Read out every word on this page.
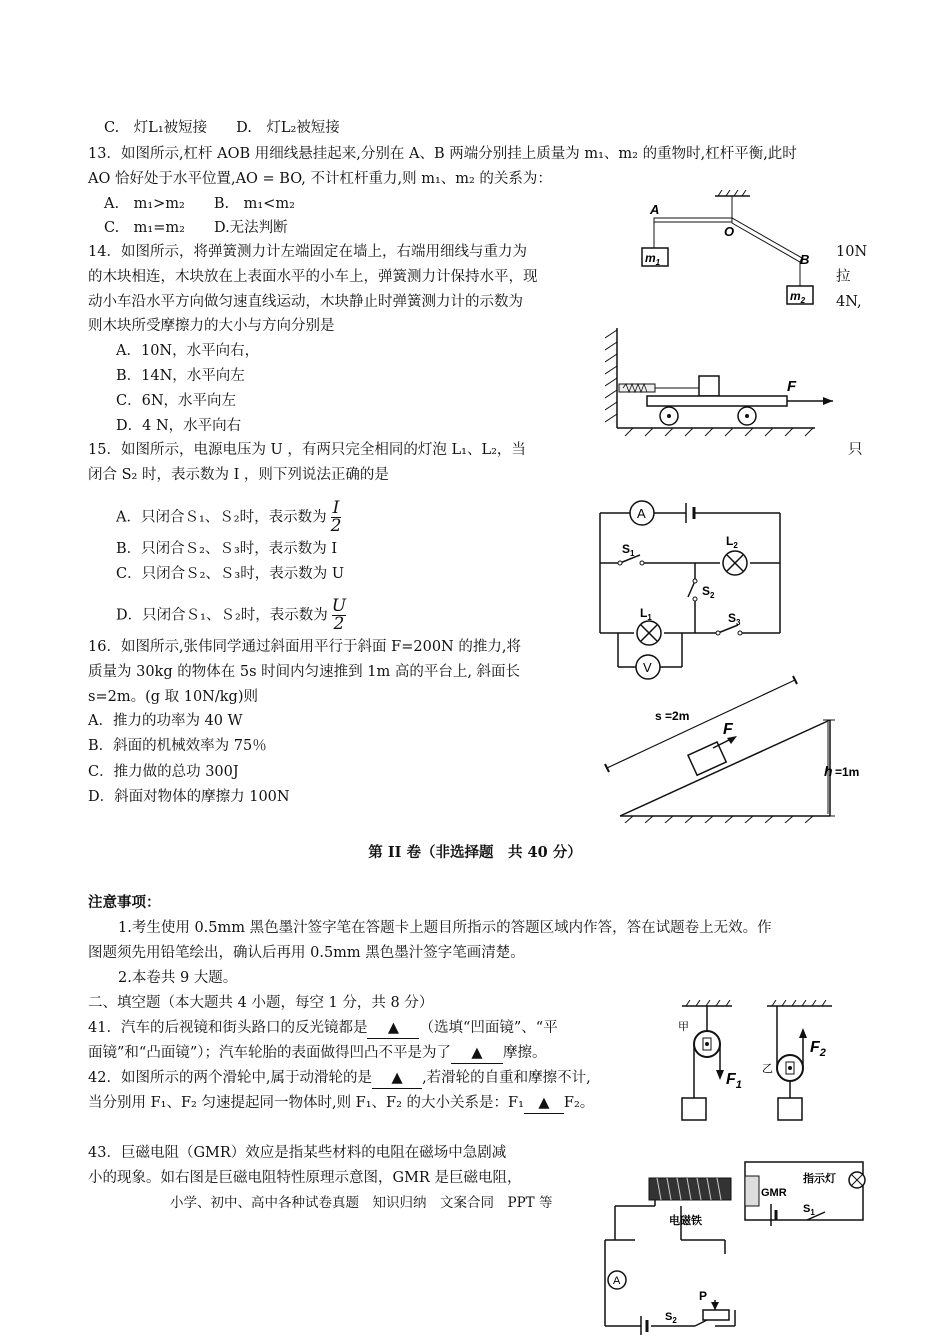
C.　灯L₁被短接　　D.　灯L₂被短接
13．如图所示,杠杆 AOB 用细线悬挂起来,分别在 A、B 两端分别挂上质量为 m₁、m₂ 的重物时,杠杆平衡,此时
AO 恰好处于水平位置,AO = BO, 不计杠杆重力,则 m₁、m₂ 的关系为：
A.　m₁>m₂　　B.　m₁<m₂
C.　m₁=m₂　　D.无法判断
14．如图所示，将弹簧测力计左端固定在墙上，右端用细线与重力为	10N
的木块相连，木块放在上表面水平的小车上，弹簧测力计保持水平，现	拉
动小车沿水平方向做匀速直线运动，木块静止时弹簧测力计的示数为	4N,
则木块所受摩擦力的大小与方向分别是
A．10N，水平向右，
B．14N，水平向左
C．6N，水平向左
D．4 N，水平向右
15．如图所示，电源电压为 U ，有两只完全相同的灯泡 L₁、L₂，当	只
闭合 S₂ 时，表示数为 I ，则下列说法正确的是
A．只闭合Ｓ₁、Ｓ₂时，表示数为 $\frac{I}{2}$
B．只闭合Ｓ₂、Ｓ₃时，表示数为 I
C．只闭合Ｓ₂、Ｓ₃时，表示数为 U
D．只闭合Ｓ₁、Ｓ₂时，表示数为 $\frac{U}{2}$
16．如图所示,张伟同学通过斜面用平行于斜面 F=200N 的推力,将
质量为 30kg 的物体在 5s 时间内匀速推到 1m 高的平台上, 斜面长
s=2m。(g 取 10N/kg)则
A．推力的功率为 40 W
B．斜面的机械效率为 75％
C．推力做的总功 300J
D．斜面对物体的摩擦力 100N
第 II 卷（非选择题　共 40 分）
注意事项：
1.考生使用 0.5mm 黑色墨汁签字笔在答题卡上题目所指示的答题区域内作答，答在试题卷上无效。作
图题须先用铅笔绘出，确认后再用 0.5mm 黑色墨汁签字笔画清楚。
2.本卷共 9 大题。
二、填空题（本大题共 4 小题，每空 1 分，共 8 分）
41．汽车的后视镜和街头路口的反光镜都是 ▲ （选填“凹面镜”、“平
面镜”和“凸面镜”）；汽车轮胎的表面做得凹凸不平是为了 ▲ 摩擦。
42．如图所示的两个滑轮中,属于动滑轮的是 ▲ ,若滑轮的自重和摩擦不计,
当分别用 F₁、F₂ 匀速提起同一物体时,则 F₁、F₂ 的大小关系是：F₁ ▲ F₂。
43．巨磁电阻（GMR）效应是指某些材料的电阻在磁场中急剧减
小的现象。如右图是巨磁电阻特性原理示意图，GMR 是巨磁电阻，
小学、初中、高中各种试卷真题　知识归纳　文案合同　PPT 等
A
O
B
$m_1$
$m_2$
F
A
V
$S_1$
$L_2$
$S_2$
$L_1$	$S_3$
s =2m
F
h =1m
甲
乙
$F_1$
$F_2$
电磁铁
GMR
指示灯
$S_1$
$S_2$
P
A
